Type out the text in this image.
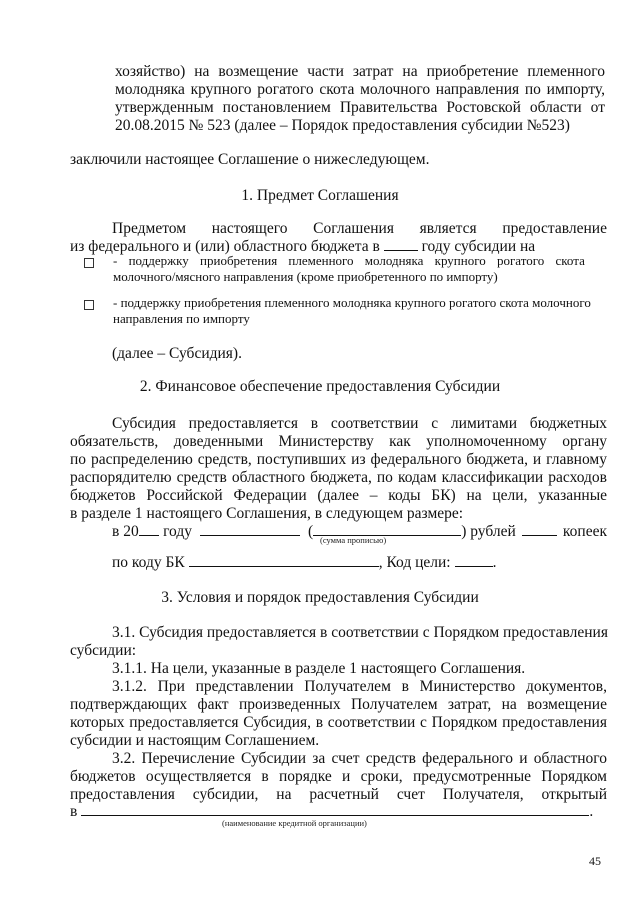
хозяйство) на возмещение части затрат на приобретение племенного
молодняка крупного рогатого скота молочного направления по импорту,
утвержденным постановлением Правительства Ростовской области от
20.08.2015 № 523 (далее – Порядок предоставления субсидии №523)
заключили настоящее Соглашение о нижеследующем.
1. Предмет Соглашения
Предметом настоящего Соглашения является предоставление
из федерального и (или) областного бюджета в	году субсидии на
- поддержку приобретения племенного молодняка крупного рогатого скота
молочного/мясного направления (кроме приобретенного по импорту)
- поддержку приобретения племенного молодняка крупного рогатого скота молочного
направления по импорту
(далее – Субсидия).
2. Финансовое обеспечение предоставления Субсидии
Субсидия предоставляется в соответствии с лимитами бюджетных
обязательств, доведенными Министерству как уполномоченному органу
по распределению средств, поступивших из федерального бюджета, и главному
распорядителю средств областного бюджета, по кодам классификации расходов
бюджетов Российской Федерации (далее – коды БК) на цели, указанные
в разделе 1 настоящего Соглашения, в следующем размере:
в 20 году	(	) рублей	копеек
(сумма прописью)
по коду БК	, Код цели:	.
3. Условия и порядок предоставления Субсидии
3.1. Субсидия предоставляется в соответствии с Порядком предоставления
субсидии:
3.1.1. На цели, указанные в разделе 1 настоящего Соглашения.
3.1.2. При представлении Получателем в Министерство документов,
подтверждающих факт произведенных Получателем затрат, на возмещение
которых предоставляется Субсидия, в соответствии с Порядком предоставления
субсидии и настоящим Соглашением.
3.2. Перечисление Субсидии за счет средств федерального и областного
бюджетов осуществляется в порядке и сроки, предусмотренные Порядком
предоставления субсидии, на расчетный счет Получателя, открытый
в	.
(наименование кредитной организации)
45
